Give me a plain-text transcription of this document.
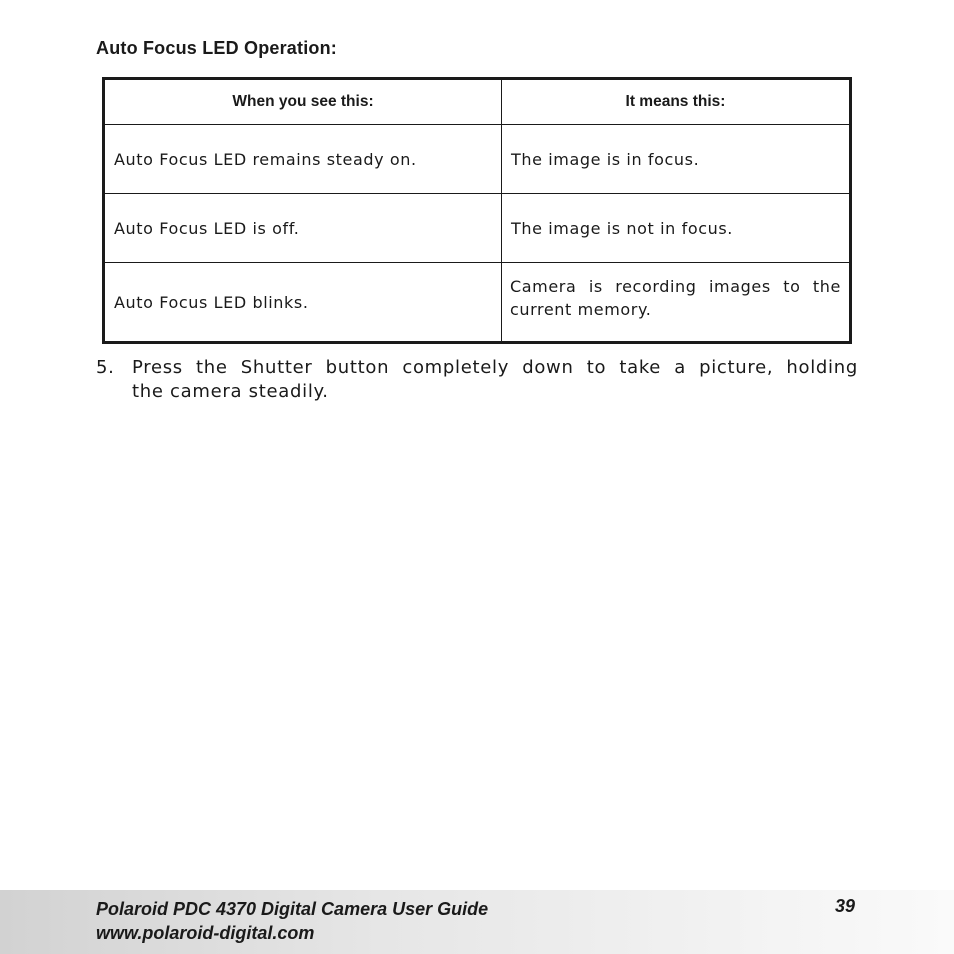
Auto Focus LED Operation:
When you see this:	It means this:
Auto Focus LED remains steady on.	The image is in focus.
Auto Focus LED is off.	The image is not in focus.
Auto Focus LED blinks.	Camera is recording images to the current memory.
5. Press the Shutter button completely down to take a picture, holding
the camera steadily.
Polaroid PDC 4370 Digital Camera User Guide
www.polaroid-digital.com
39
